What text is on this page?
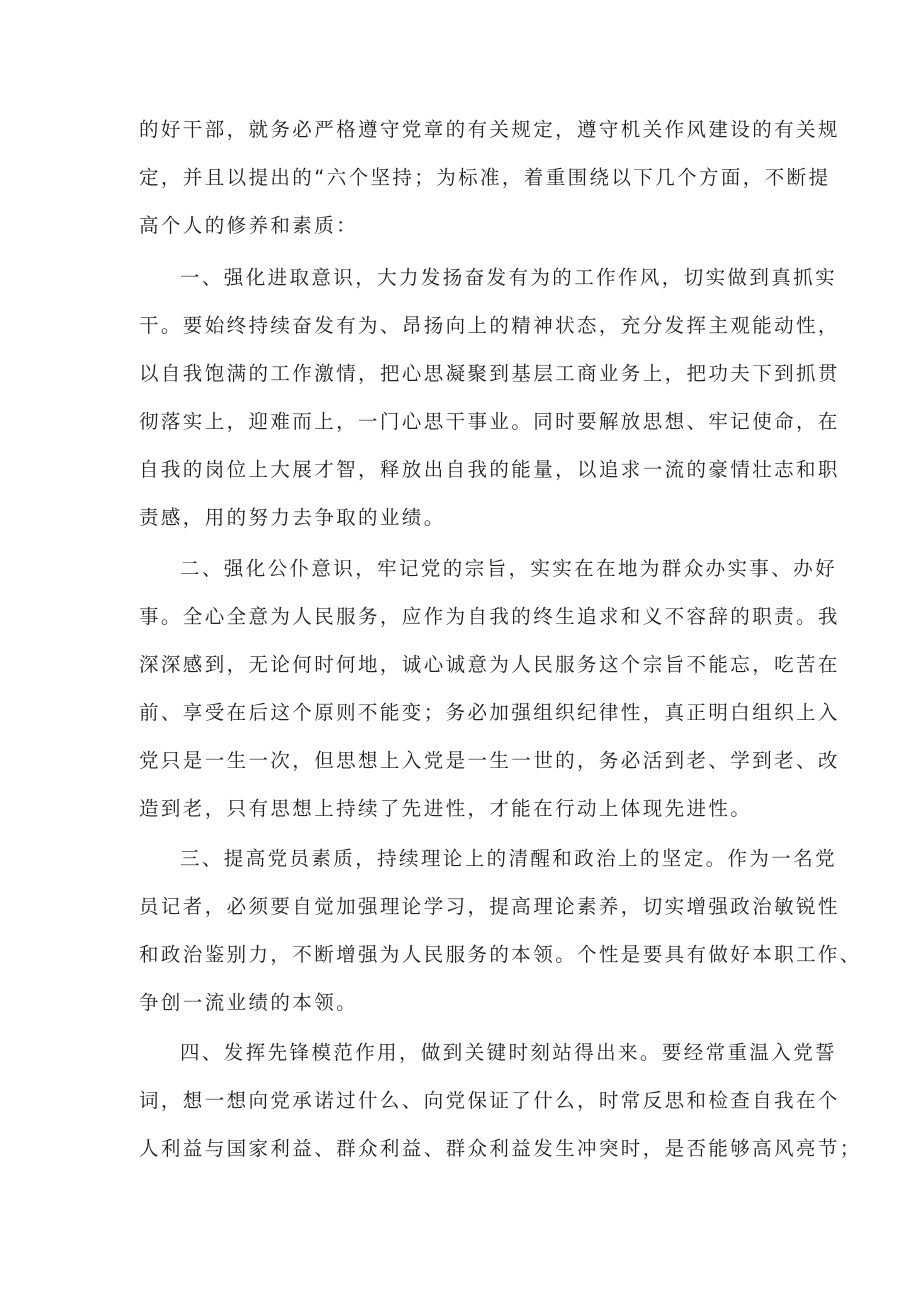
的好干部，就务必严格遵守党章的有关规定，遵守机关作风建设的有关规

定，并且以提出的“六个坚持；为标准，着重围绕以下几个方面，不断提

高个人的修养和素质：

一、强化进取意识，大力发扬奋发有为的工作作风，切实做到真抓实

干。要始终持续奋发有为、昂扬向上的精神状态，充分发挥主观能动性，

以自我饱满的工作激情，把心思凝聚到基层工商业务上，把功夫下到抓贯

彻落实上，迎难而上，一门心思干事业。同时要解放思想、牢记使命，在

自我的岗位上大展才智，释放出自我的能量，以追求一流的豪情壮志和职

责感，用的努力去争取的业绩。

二、强化公仆意识，牢记党的宗旨，实实在在地为群众办实事、办好

事。全心全意为人民服务，应作为自我的终生追求和义不容辞的职责。我

深深感到，无论何时何地，诚心诚意为人民服务这个宗旨不能忘，吃苦在

前、享受在后这个原则不能变；务必加强组织纪律性，真正明白组织上入

党只是一生一次，但思想上入党是一生一世的，务必活到老、学到老、改

造到老，只有思想上持续了先进性，才能在行动上体现先进性。

三、提高党员素质，持续理论上的清醒和政治上的坚定。作为一名党

员记者，必须要自觉加强理论学习，提高理论素养，切实增强政治敏锐性

和政治鉴别力，不断增强为人民服务的本领。个性是要具有做好本职工作、

争创一流业绩的本领。

四、发挥先锋模范作用，做到关键时刻站得出来。要经常重温入党誓

词，想一想向党承诺过什么、向党保证了什么，时常反思和检查自我在个

人利益与国家利益、群众利益、群众利益发生冲突时，是否能够高风亮节；
